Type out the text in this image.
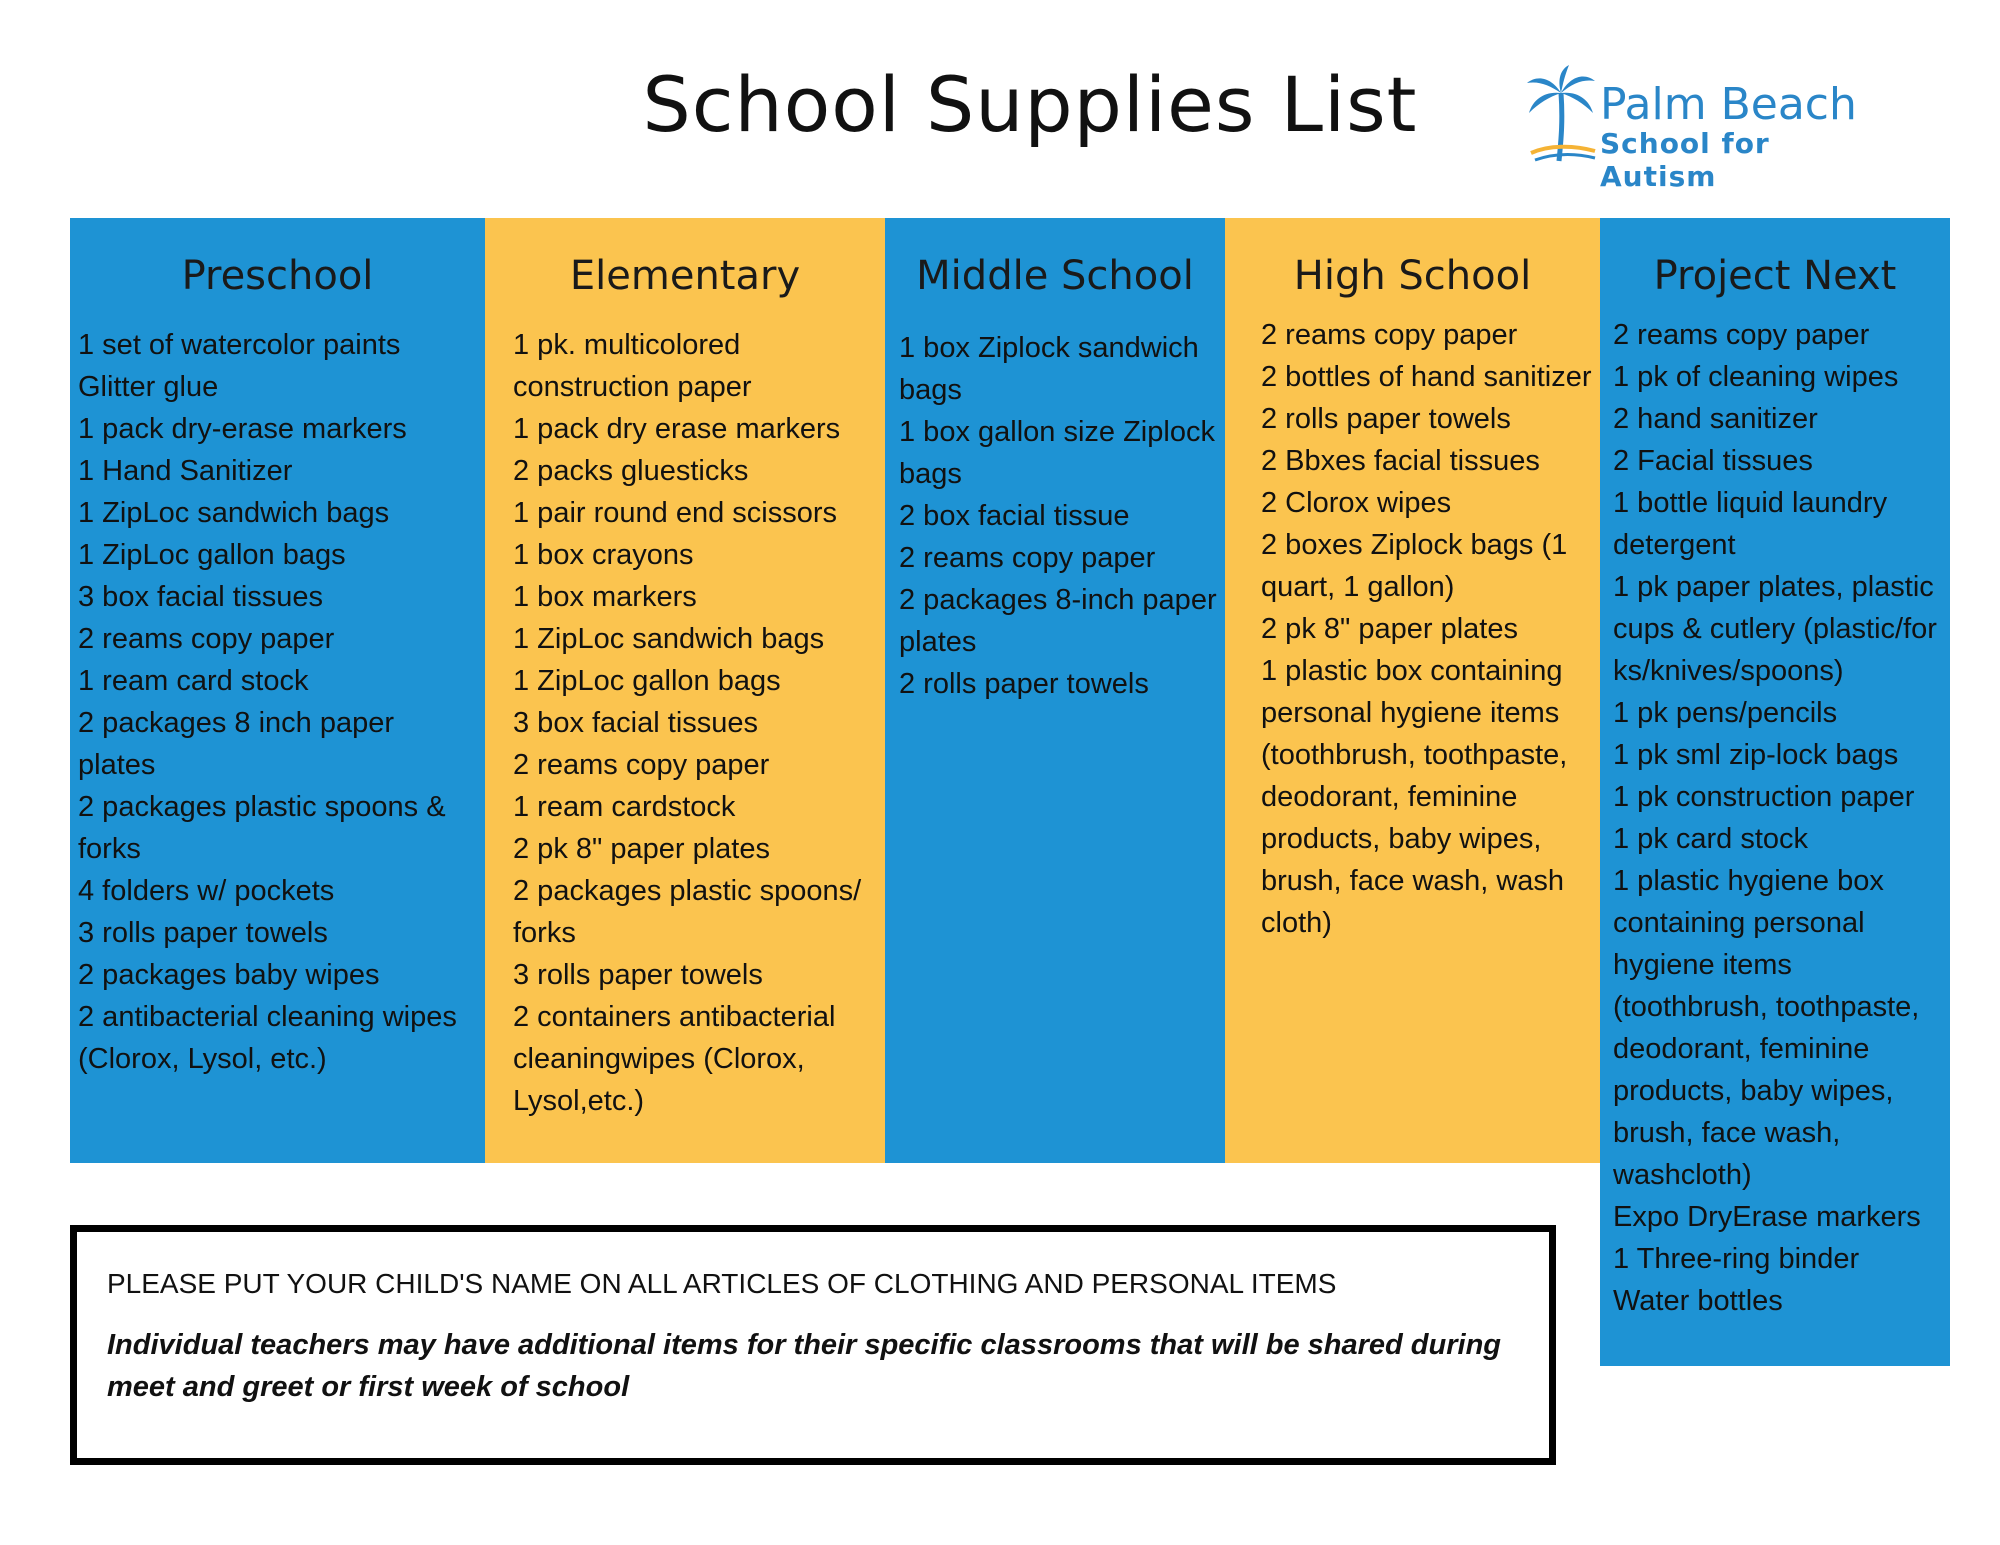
School Supplies List	Palm Beach
School for Autism
Preschool
1 set of watercolor paints
Glitter glue
1 pack dry-erase markers
1 Hand Sanitizer
1 ZipLoc sandwich bags
1 ZipLoc gallon bags
3 box facial tissues
2 reams copy paper
1 ream card stock
2 packages 8 inch paper plates
2 packages plastic spoons & forks
4 folders w/ pockets
3 rolls paper towels
2 packages baby wipes
2 antibacterial cleaning wipes (Clorox, Lysol, etc.)
Elementary
1 pk. multicolored construction paper
1 pack dry erase markers
2 packs gluesticks
1 pair round end scissors
1 box crayons
1 box markers
1 ZipLoc sandwich bags
1 ZipLoc gallon bags
3 box facial tissues
2 reams copy paper
1 ream cardstock
2 pk 8" paper plates
2 packages plastic spoons/ forks
3 rolls paper towels
2 containers antibacterial cleaningwipes (Clorox, Lysol,etc.)
Middle School
1 box Ziplock sandwich bags
1 box gallon size Ziplock bags
2 box facial tissue
2 reams copy paper
2 packages 8-inch paper plates
2 rolls paper towels
High School
2 reams copy paper
2 bottles of hand sanitizer
2 rolls paper towels
2 Bbxes facial tissues
2 Clorox wipes
2 boxes Ziplock bags (1 quart, 1 gallon)
2 pk 8" paper plates
1 plastic box containing personal hygiene items (toothbrush, toothpaste, deodorant, feminine products, baby wipes, brush, face wash, wash cloth)
Project Next
2 reams copy paper
1 pk of cleaning wipes
2 hand sanitizer
2 Facial tissues
1 bottle liquid laundry detergent
1 pk paper plates, plastic cups & cutlery (plastic/forks/knives/spoons)
1 pk pens/pencils
1 pk sml zip-lock bags
1 pk construction paper
1 pk card stock
1 plastic hygiene box containing personal hygiene items (toothbrush, toothpaste, deodorant, feminine products, baby wipes, brush, face wash, washcloth)
Expo DryErase markers
1 Three-ring binder
Water bottles
PLEASE PUT YOUR CHILD'S NAME ON ALL ARTICLES OF CLOTHING AND PERSONAL ITEMS
Individual teachers may have additional items for their specific classrooms that will be shared during meet and greet or first week of school
